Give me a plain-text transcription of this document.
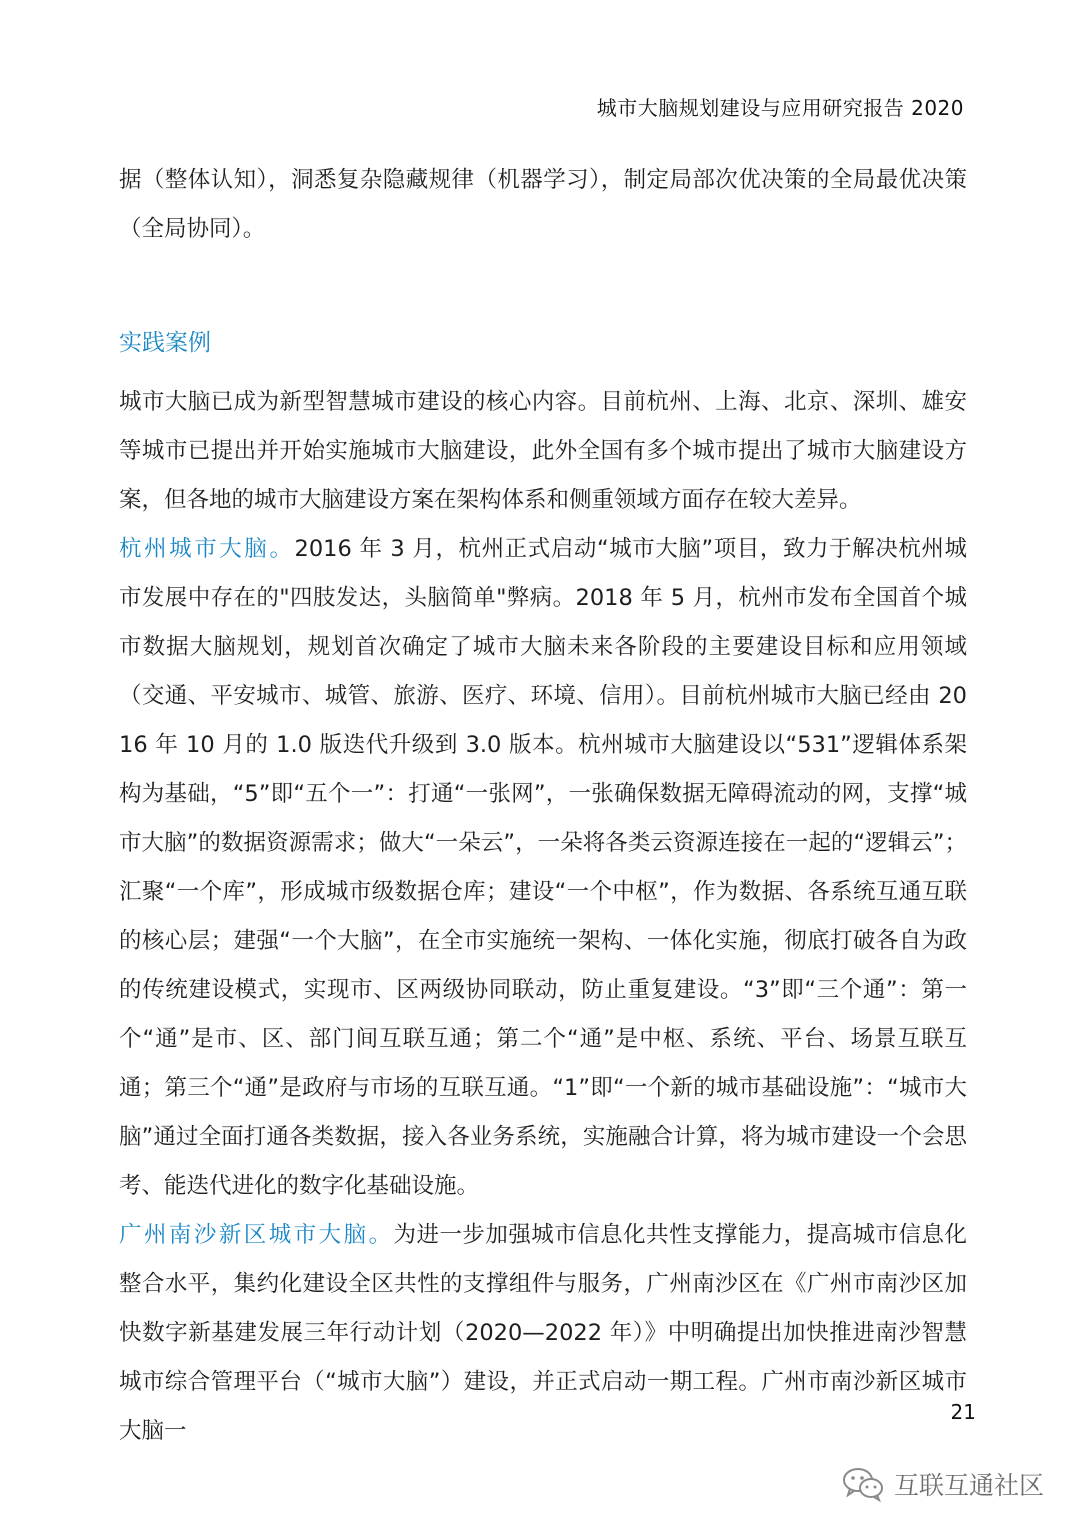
城市大脑规划建设与应用研究报告 2020

据（整体认知），洞悉复杂隐藏规律（机器学习），制定局部次优决策的全局最优决策（全局协同）。

实践案例

城市大脑已成为新型智慧城市建设的核心内容。目前杭州、上海、北京、深圳、雄安等城市已提出并开始实施城市大脑建设，此外全国有多个城市提出了城市大脑建设方案，但各地的城市大脑建设方案在架构体系和侧重领域方面存在较大差异。

杭州城市大脑。2016 年 3 月，杭州正式启动“城市大脑”项目，致力于解决杭州城市发展中存在的"四肢发达，头脑简单"弊病。2018 年 5 月，杭州市发布全国首个城市数据大脑规划，规划首次确定了城市大脑未来各阶段的主要建设目标和应用领域（交通、平安城市、城管、旅游、医疗、环境、信用）。目前杭州城市大脑已经由 2016 年 10 月的 1.0 版迭代升级到 3.0 版本。杭州城市大脑建设以“531”逻辑体系架构为基础，“5”即“五个一”：打通“一张网”，一张确保数据无障碍流动的网，支撑“城市大脑”的数据资源需求；做大“一朵云”，一朵将各类云资源连接在一起的“逻辑云”；汇聚“一个库”，形成城市级数据仓库；建设“一个中枢”，作为数据、各系统互通互联的核心层；建强“一个大脑”，在全市实施统一架构、一体化实施，彻底打破各自为政的传统建设模式，实现市、区两级协同联动，防止重复建设。“3”即“三个通”：第一个“通”是市、区、部门间互联互通；第二个“通”是中枢、系统、平台、场景互联互通；第三个“通”是政府与市场的互联互通。“1”即“一个新的城市基础设施”：“城市大脑”通过全面打通各类数据，接入各业务系统，实施融合计算，将为城市建设一个会思考、能迭代进化的数字化基础设施。

广州南沙新区城市大脑。为进一步加强城市信息化共性支撑能力，提高城市信息化整合水平，集约化建设全区共性的支撑组件与服务，广州南沙区在《广州市南沙区加快数字新基建发展三年行动计划（2020—2022 年）》中明确提出加快推进南沙智慧城市综合管理平台（“城市大脑”）建设，并正式启动一期工程。广州市南沙新区城市大脑一

21
互联互通社区
